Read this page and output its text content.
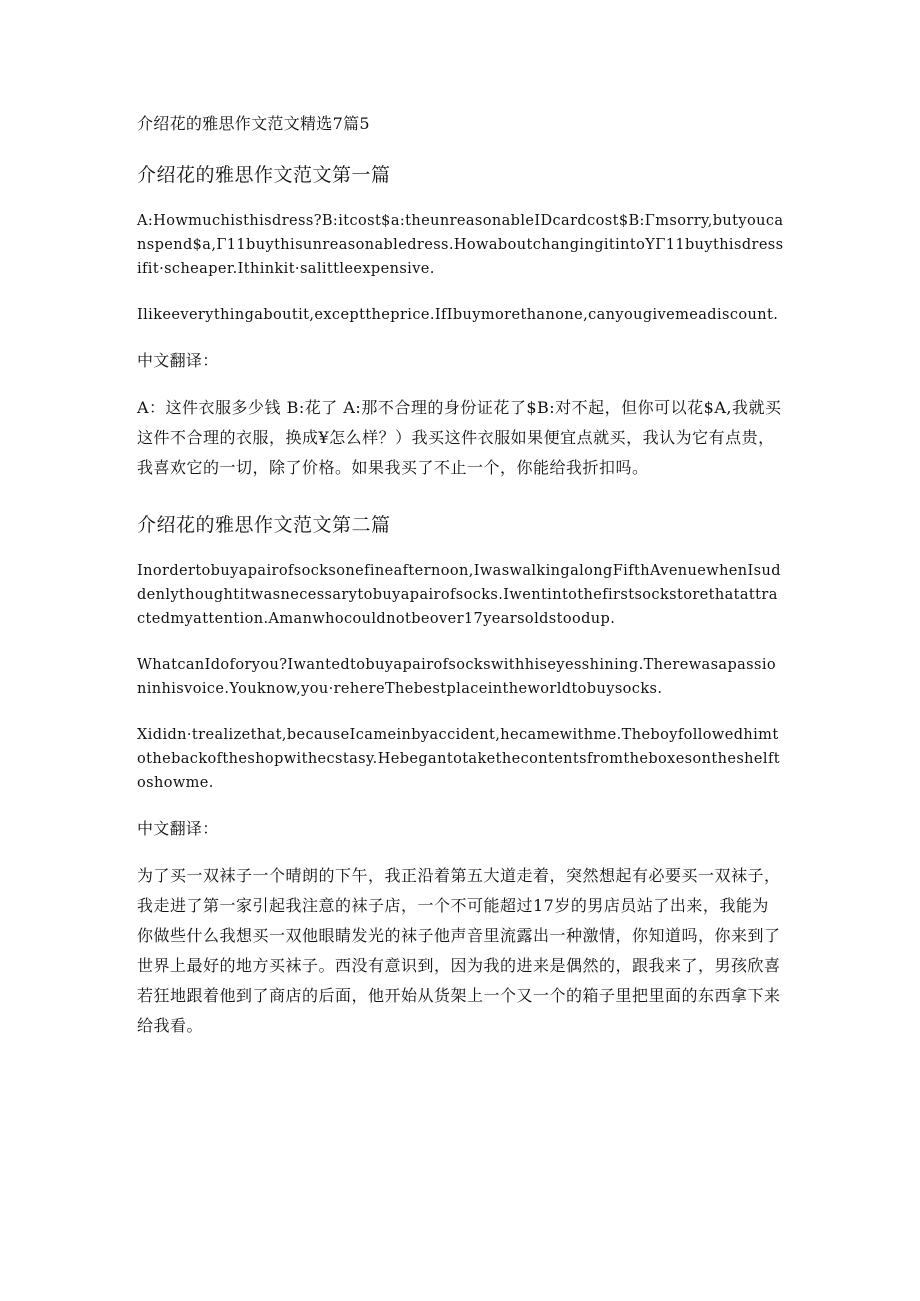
介绍花的雅思作文范文精选7篇5
介绍花的雅思作文范文第一篇

A:Howmuchisthisdress?B:itcost$a:theunreasonableIDcardcost$B:Γmsorry,butyoucanspend$a,Γ11buythisunreasonabledress.HowaboutchangingitintoYΓ11buythisdressifit·scheaper.Ithinkit·salittleexpensive.

Ilikeeverythingaboutit,excepttheprice.IfIbuymorethanone,canyougivemeadiscount.

中文翻译：

A：这件衣服多少钱 B:花了 A:那不合理的身份证花了$B:对不起，但你可以花$A,我就买这件不合理的衣服，换成¥怎么样？）我买这件衣服如果便宜点就买，我认为它有点贵，我喜欢它的一切，除了价格。如果我买了不止一个，你能给我折扣吗。

介绍花的雅思作文范文第二篇

Inordertobuyapairofsocksonefineafternoon,IwaswalkingalongFifthAvenuewhenIsuddenlythoughtitwasnecessarytobuyapairofsocks.Iwentintothefirstsockstorethatattractedmyattention.Amanwhocouldnotbeover17yearsoldstoodup.

WhatcanIdoforyou?Iwantedtobuyapairofsockswithhiseyesshining.Therewasapassioninhisvoice.Youknow,you·rehereThebestplaceintheworldtobuysocks.

Xididn·trealizethat,becauseIcameinbyaccident,hecamewithme.Theboyfollowedhimtothebackoftheshopwithecstasy.Hebegantotakethecontentsfromtheboxesontheshelftoshowme.

中文翻译：

为了买一双袜子一个晴朗的下午，我正沿着第五大道走着，突然想起有必要买一双袜子，我走进了第一家引起我注意的袜子店，一个不可能超过17岁的男店员站了出来，我能为你做些什么我想买一双他眼睛发光的袜子他声音里流露出一种激情，你知道吗，你来到了世界上最好的地方买袜子。西没有意识到，因为我的进来是偶然的，跟我来了，男孩欣喜若狂地跟着他到了商店的后面，他开始从货架上一个又一个的箱子里把里面的东西拿下来给我看。
